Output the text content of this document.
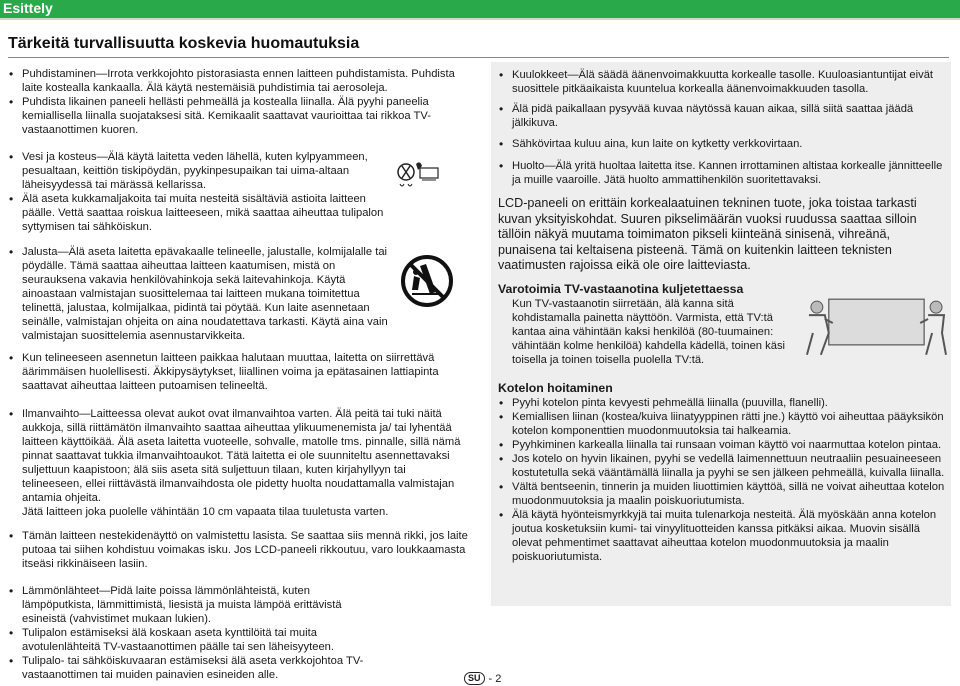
Esittely
Tärkeitä turvallisuutta koskevia huomautuksia

• Puhdistaminen—Irrota verkkojohto pistorasiasta ennen laitteen puhdistamista. Puhdista laite kostealla kankaalla. Älä käytä nestemäisiä puhdistimia tai aerosoleja.

• Puhdista likainen paneeli hellästi pehmeällä ja kostealla liinalla. Älä pyyhi paneelia kemiallisella liinalla suojataksesi sitä. Kemikaalit saattavat vaurioittaa tai rikkoa TV-vastaanottimen kuoren.

• Vesi ja kosteus—Älä käytä laitetta veden lähellä, kuten kylpyammeen, pesualtaan, keittiön tiskipöydän, pyykinpesupaikan tai uima-altaan läheisyydessä tai märässä kellarissa.

• Älä aseta kukkamaljakoita tai muita nesteitä sisältäviä astioita laitteen päälle. Vettä saattaa roiskua laitteeseen, mikä saattaa aiheuttaa tulipalon syttymisen tai sähköiskun.

• Jalusta—Älä aseta laitetta epävakaalle telineelle, jalustalle, kolmijalalle tai pöydälle. Tämä saattaa aiheuttaa laitteen kaatumisen, mistä on seurauksena vakavia henkilövahinkoja sekä laitevahinkoja. Käytä ainoastaan valmistajan suosittelemaa tai laitteen mukana toimitettua telinettä, jalustaa, kolmijalkaa, pidintä tai pöytää. Kun laite asennetaan seinälle, valmistajan ohjeita on aina noudatettava tarkasti. Käytä aina vain valmistajan suosittelemia asennustarvikkeita.

• Kun telineeseen asennetun laitteen paikkaa halutaan muuttaa, laitetta on siirrettävä äärimmäisen huolellisesti. Äkkipysäytykset, liiallinen voima ja epätasainen lattiapinta saattavat aiheuttaa laitteen putoamisen telineeltä.

• Ilmanvaihto—Laitteessa olevat aukot ovat ilmanvaihtoa varten. Älä peitä tai tuki näitä aukkoja, sillä riittämätön ilmanvaihto saattaa aiheuttaa ylikuumenemista ja/ tai lyhentää laitteen käyttöikää. Älä aseta laitetta vuoteelle, sohvalle, matolle tms. pinnalle, sillä nämä pinnat saattavat tukkia ilmanvaihtoaukot. Tätä laitetta ei ole suunniteltu asennettavaksi suljettuun kaapistoon; älä siis aseta sitä suljettuun tilaan, kuten kirjahyllyyn tai telineeseen, ellei riittävästä ilmanvaihdosta ole pidetty huolta noudattamalla valmistajan antamia ohjeita.

Jätä laitteen joka puolelle vähintään 10 cm vapaata tilaa tuuletusta varten.

• Tämän laitteen nestekidenäyttö on valmistettu lasista. Se saattaa siis mennä rikki, jos laite putoaa tai siihen kohdistuu voimakas isku. Jos LCD-paneeli rikkoutuu, varo loukkaamasta itseäsi rikkinäiseen lasiin.

• Lämmönlähteet—Pidä laite poissa lämmönlähteistä, kuten lämpöputkista, lämmittimistä, liesistä ja muista lämpöä erittävistä esineistä (vahvistimet mukaan lukien).

• Tulipalon estämiseksi älä koskaan aseta kynttilöitä tai muita avotulenlähteitä TV-vastaanottimen päälle tai sen läheisyyteen.

• Tulipalo- tai sähköiskuvaaran estämiseksi älä aseta verkkojohtoa TV-vastaanottimen tai muiden painavien esineiden alle.

• Kuulokkeet—Älä säädä äänenvoimakkuutta korkealle tasolle. Kuuloasiantuntijat eivät suosittele pitkäaikaista kuuntelua korkealla äänenvoimakkuuden tasolla.

• Älä pidä paikallaan pysyvää kuvaa näytössä kauan aikaa, sillä siitä saattaa jäädä jälkikuva.

• Sähkövirtaa kuluu aina, kun laite on kytketty verkkovirtaan.

• Huolto—Älä yritä huoltaa laitetta itse. Kannen irrottaminen altistaa korkealle jännitteelle ja muille vaaroille. Jätä huolto ammattihenkilön suoritettavaksi.

LCD-paneeli on erittäin korkealaatuinen tekninen tuote, joka toistaa tarkasti kuvan yksityiskohdat. Suuren pikselimäärän vuoksi ruudussa saattaa silloin tällöin näkyä muutama toimimaton pikseli kiinteänä sinisenä, vihreänä, punaisena tai keltaisena pisteenä. Tämä on kuitenkin laitteen teknisten vaatimusten rajoissa eikä ole oire laitteviasta.

Varotoimia TV-vastaanotina kuljetettaessa

Kun TV-vastaanotin siirretään, älä kanna sitä kohdistamalla painetta näyttöön. Varmista, että TV:tä kantaa aina vähintään kaksi henkilöä (80-tuumainen: vähintään kolme henkilöä) kahdella kädellä, toinen käsi toisella ja toinen toisella puolella TV:tä.

Kotelon hoitaminen

• Pyyhi kotelon pinta kevyesti pehmeällä liinalla (puuvilla, flanelli).

• Kemiallisen liinan (kostea/kuiva liinatyyppinen rätti jne.) käyttö voi aiheuttaa pääyksikön kotelon komponenttien muodonmuutoksia tai halkeamia.

• Pyyhkiminen karkealla liinalla tai runsaan voiman käyttö voi naarmuttaa kotelon pintaa.

• Jos kotelo on hyvin likainen, pyyhi se vedellä laimennettuun neutraaliin pesuaineeseen kostutetulla sekä vääntämällä liinalla ja pyyhi se sen jälkeen pehmeällä, kuivalla liinalla.

• Vältä bentseenin, tinnerin ja muiden liuottimien käyttöä, sillä ne voivat aiheuttaa kotelon muodonmuutoksia ja maalin poiskuoriutumista.

• Älä käytä hyönteismyrkkyjä tai muita tulenarkoja nesteitä. Älä myöskään anna kotelon joutua kosketuksiin kumi- tai vinyylituotteiden kanssa pitkäksi aikaa. Muovin sisällä olevat pehmentimet saattavat aiheuttaa kotelon muodonmuutoksia ja maalin poiskuoriutumista.

SU - 2
